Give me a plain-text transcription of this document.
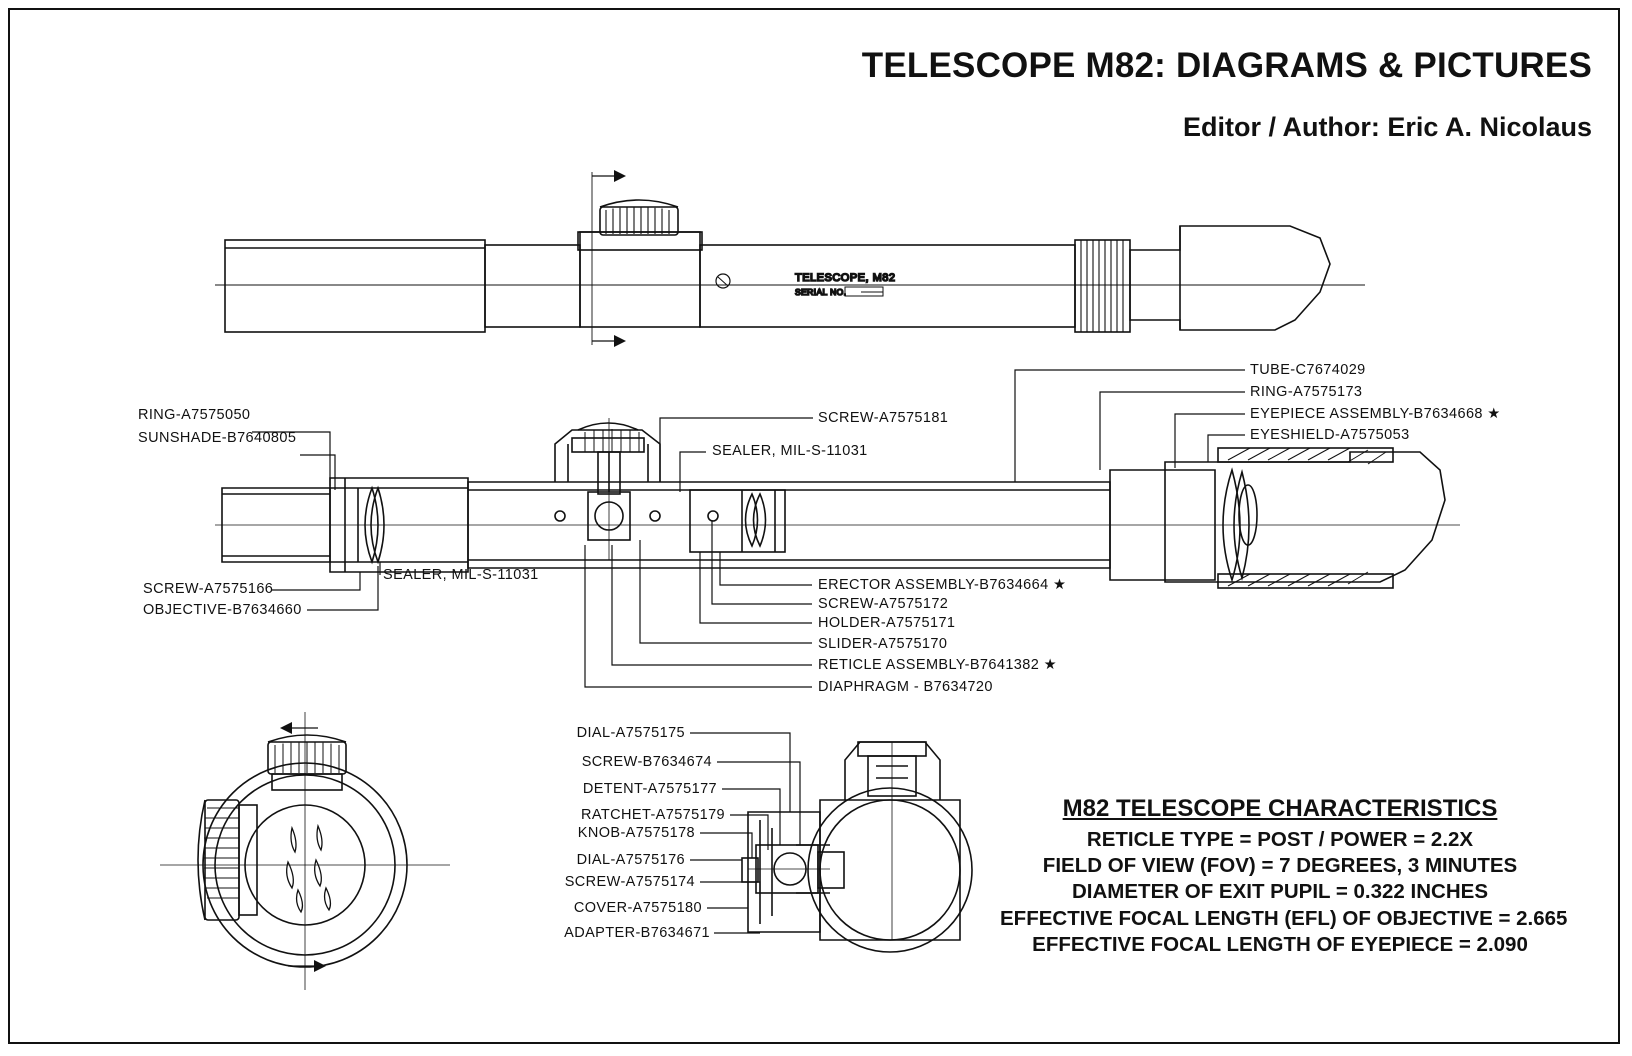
TELESCOPE M82: DIAGRAMS & PICTURES
Editor / Author: Eric A. Nicolaus
TELESCOPE, M82
SERIAL NO.
RING-A7575050
SUNSHADE-B7640805
SCREW-A7575166
OBJECTIVE-B7634660
SEALER, MIL-S-11031
SCREW-A7575181
SEALER, MIL-S-11031
ERECTOR ASSEMBLY-B7634664 ★
SCREW-A7575172
HOLDER-A7575171
SLIDER-A7575170
RETICLE ASSEMBLY-B7641382 ★
DIAPHRAGM - B7634720
TUBE-C7674029
RING-A7575173
EYEPIECE ASSEMBLY-B7634668 ★
EYESHIELD-A7575053
DIAL-A7575175
SCREW-B7634674
DETENT-A7575177
RATCHET-A7575179
KNOB-A7575178
DIAL-A7575176
SCREW-A7575174
COVER-A7575180
ADAPTER-B7634671
M82 TELESCOPE CHARACTERISTICS
RETICLE TYPE = POST / POWER = 2.2X
FIELD OF VIEW (FOV) = 7 DEGREES, 3 MINUTES
DIAMETER OF EXIT PUPIL = 0.322 INCHES
EFFECTIVE FOCAL LENGTH (EFL) OF OBJECTIVE = 2.665
EFFECTIVE FOCAL LENGTH OF EYEPIECE = 2.090
